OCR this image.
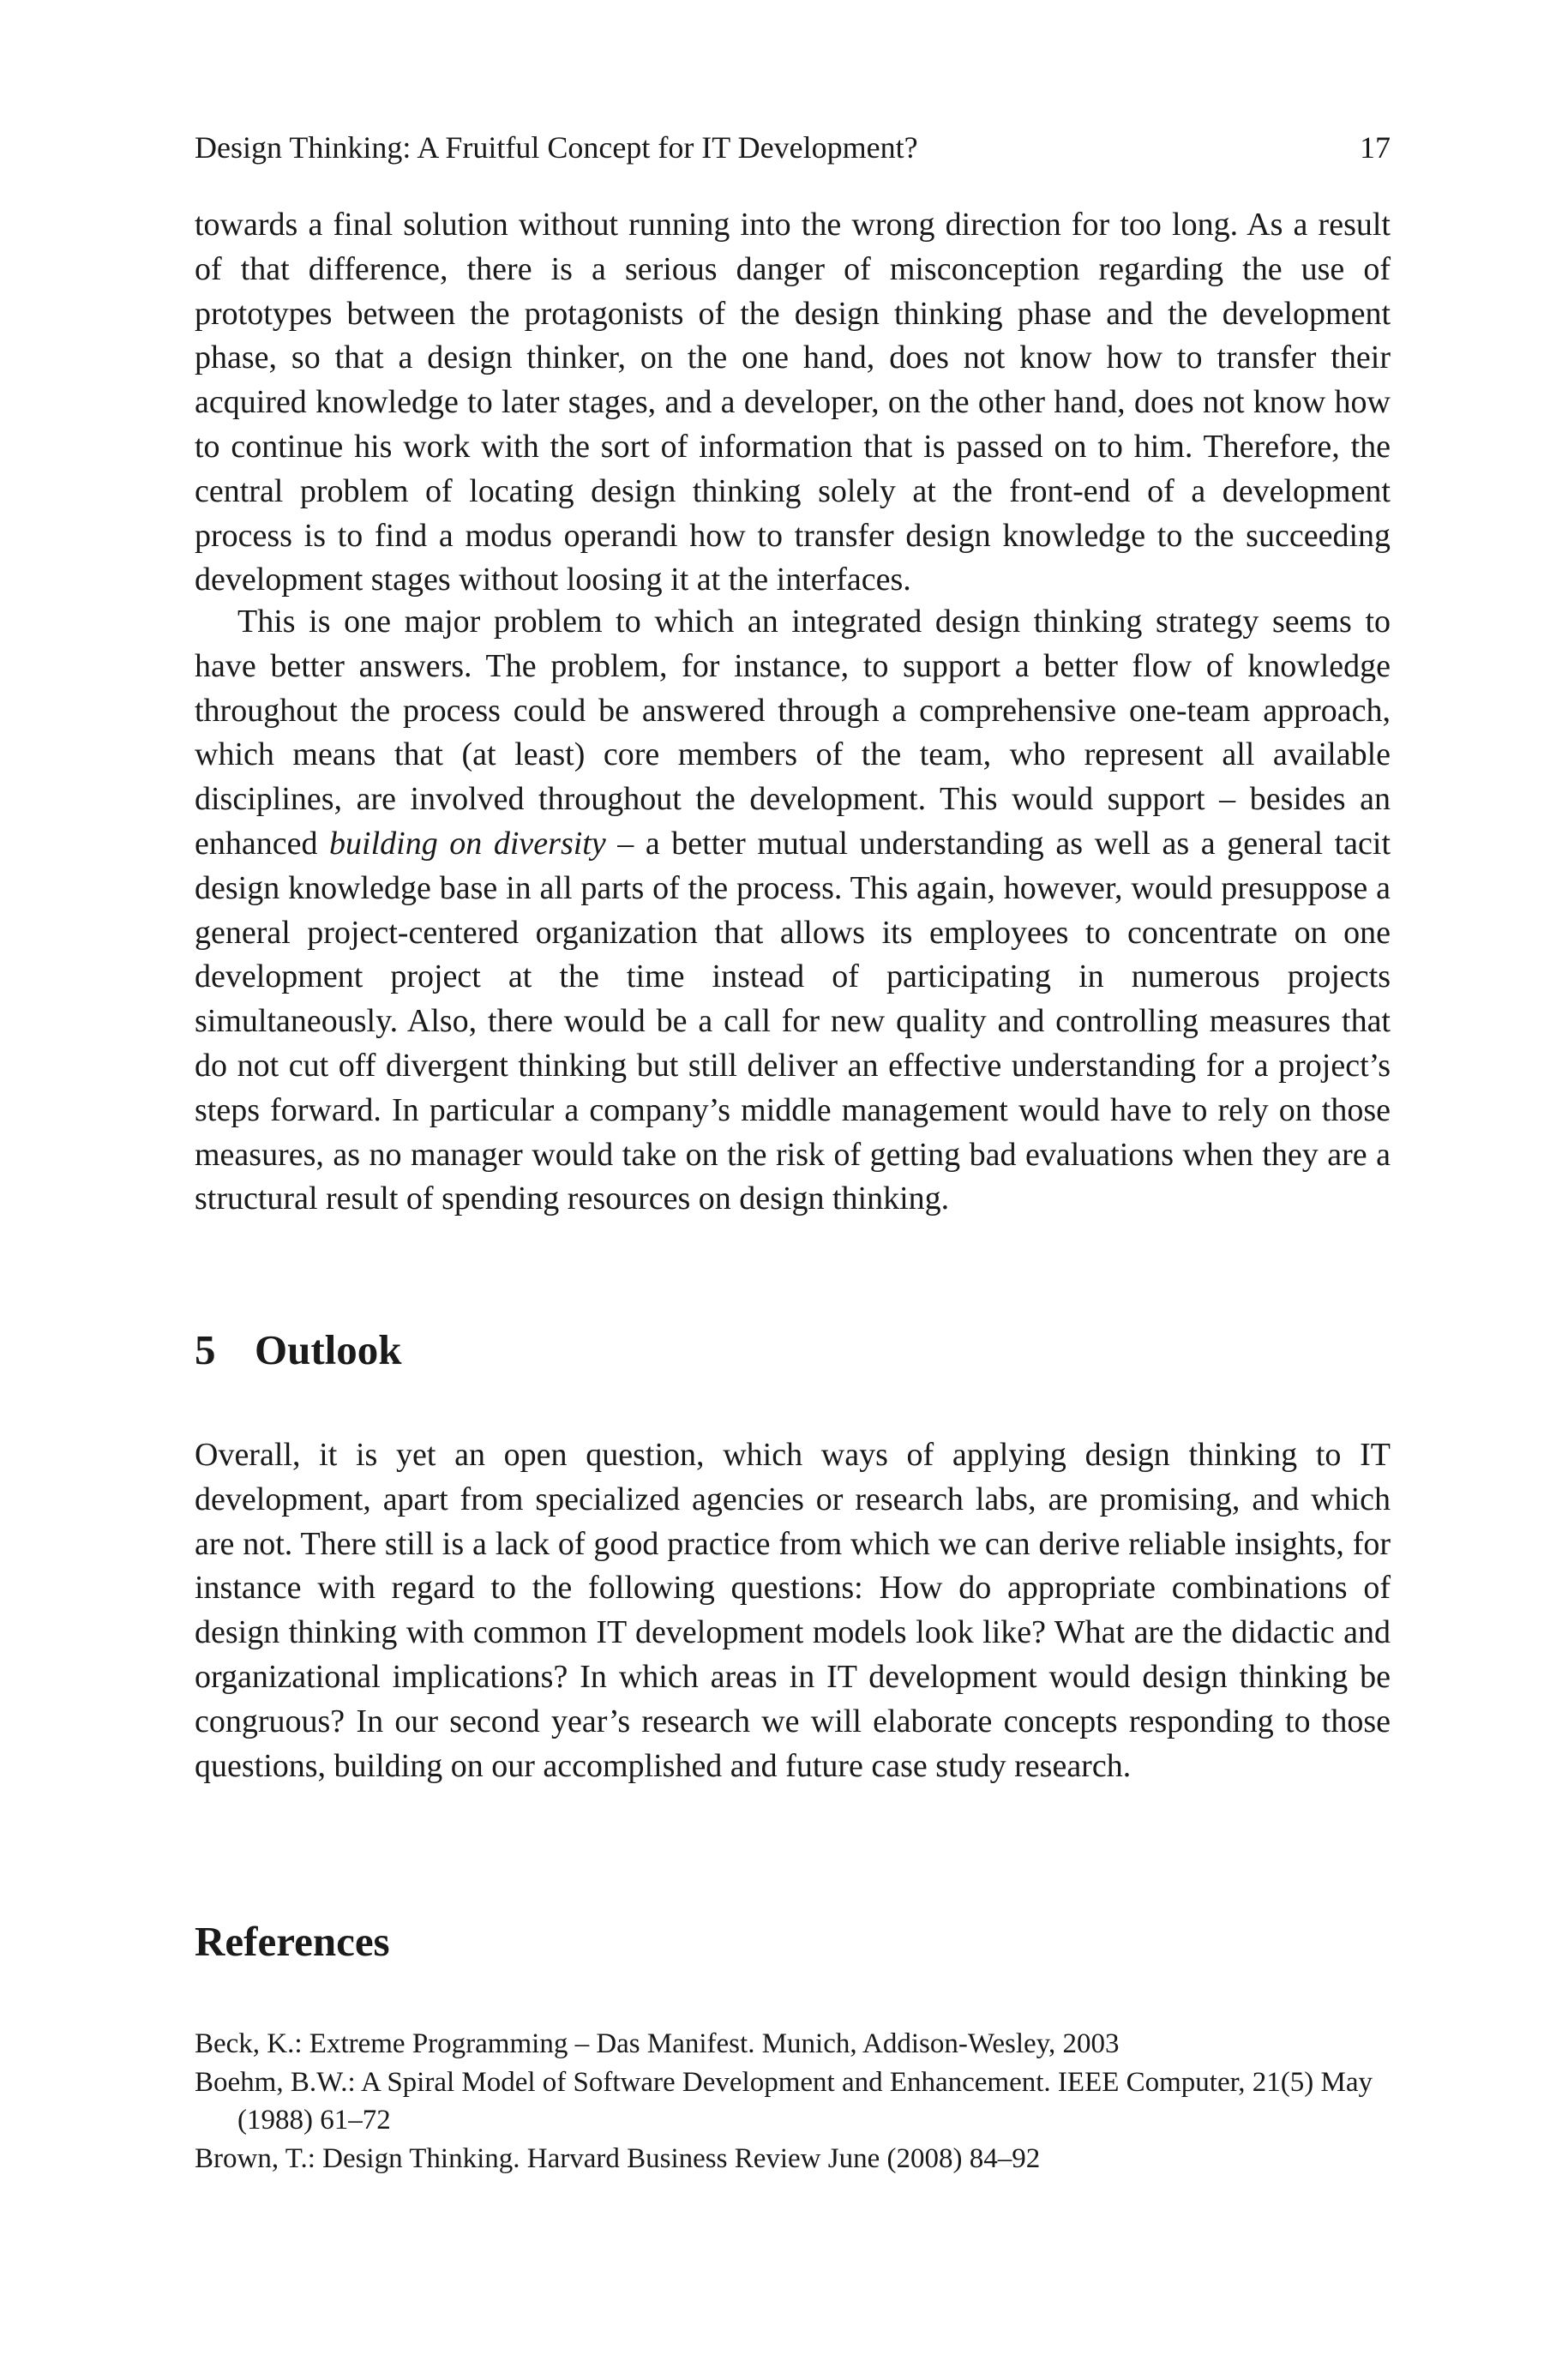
Design Thinking: A Fruitful Concept for IT Development?	17

towards a final solution without running into the wrong direction for too long. As a result of that difference, there is a serious danger of misconception regarding the use of prototypes between the protagonists of the design thinking phase and the development phase, so that a design thinker, on the one hand, does not know how to transfer their acquired knowledge to later stages, and a developer, on the other hand, does not know how to continue his work with the sort of information that is passed on to him. Therefore, the central problem of locating design thinking solely at the front-end of a development process is to find a modus operandi how to transfer design knowledge to the succeeding development stages without loosing it at the interfaces.

This is one major problem to which an integrated design thinking strategy seems to have better answers. The problem, for instance, to support a better flow of knowledge throughout the process could be answered through a comprehensive one-team approach, which means that (at least) core members of the team, who represent all available disciplines, are involved throughout the development. This would support – besides an enhanced building on diversity – a better mutual understanding as well as a general tacit design knowledge base in all parts of the process. This again, however, would presuppose a general project-centered organization that allows its employees to concentrate on one development project at the time instead of participating in numerous projects simultaneously. Also, there would be a call for new quality and controlling measures that do not cut off divergent thinking but still deliver an effective understanding for a project’s steps forward. In particular a company’s middle management would have to rely on those measures, as no manager would take on the risk of getting bad evaluations when they are a structural result of spending resources on design thinking.

5 Outlook

Overall, it is yet an open question, which ways of applying design thinking to IT development, apart from specialized agencies or research labs, are promising, and which are not. There still is a lack of good practice from which we can derive reliable insights, for instance with regard to the following questions: How do appropriate combinations of design thinking with common IT development models look like? What are the didactic and organizational implications? In which areas in IT development would design thinking be congruous? In our second year’s research we will elaborate concepts responding to those questions, building on our accomplished and future case study research.

References
Beck, K.: Extreme Programming – Das Manifest. Munich, Addison-Wesley, 2003
Boehm, B.W.: A Spiral Model of Software Development and Enhancement. IEEE Computer, 21(5) May (1988) 61–72
Brown, T.: Design Thinking. Harvard Business Review June (2008) 84–92
